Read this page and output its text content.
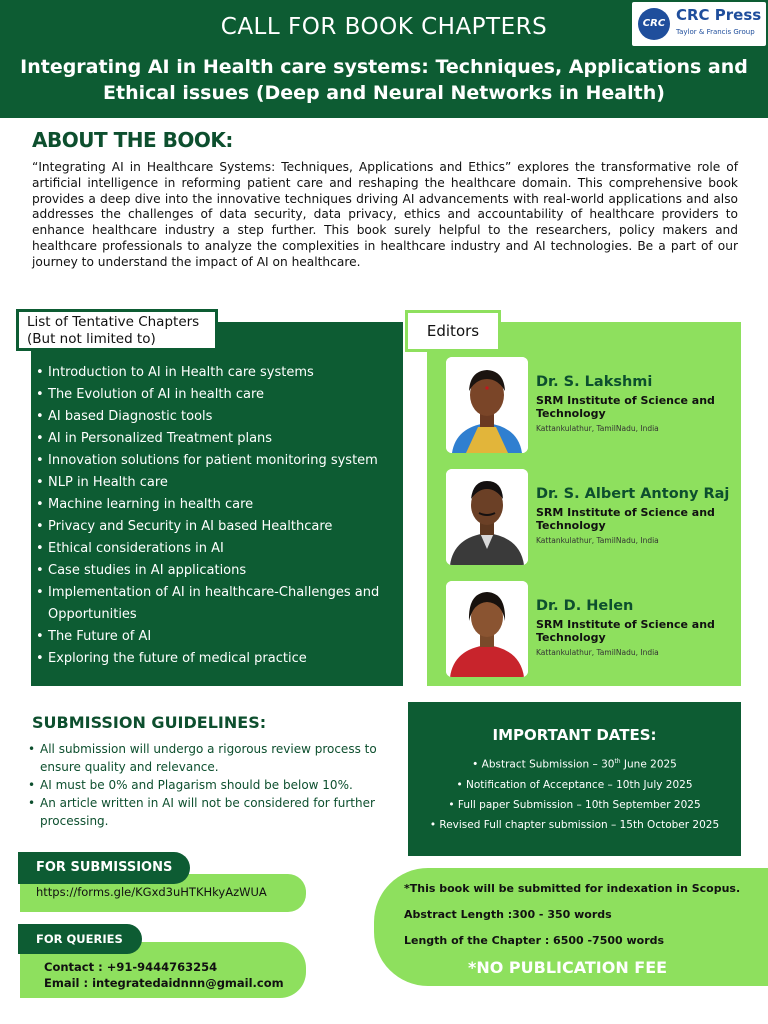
CALL FOR BOOK CHAPTERS
Integrating AI in Health care systems: Techniques, Applications and
Ethical issues (Deep and Neural Networks in Health)
CRC CRC Press
Taylor & Francis Group
ABOUT THE BOOK:

“Integrating AI in Healthcare Systems: Techniques, Applications and Ethics” explores the transformative role of artificial intelligence in reforming patient care and reshaping the healthcare domain. This comprehensive book provides a deep dive into the innovative techniques driving AI advancements with real-world applications and also addresses the challenges of data security, data privacy, ethics and accountability of healthcare providers to enhance healthcare industry a step further. This book surely helpful to the researchers, policy makers and healthcare professionals to analyze the complexities in healthcare industry and AI technologies. Be a part of our journey to understand the impact of AI on healthcare.

List of Tentative Chapters
(But not limited to)
• Introduction to AI in Health care systems
• The Evolution of AI in health care
• AI based Diagnostic tools
• AI in Personalized Treatment plans
• Innovation solutions for patient monitoring system
• NLP in Health care
• Machine learning in health care
• Privacy and Security in AI based Healthcare
• Ethical considerations in AI
• Case studies in AI applications
• Implementation of AI in healthcare-Challenges and Opportunities
• The Future of AI
• Exploring the future of medical practice
Editors
Dr. S. Lakshmi
SRM Institute of Science and Technology
Kattankulathur, TamilNadu, India
Dr. S. Albert Antony Raj
SRM Institute of Science and Technology
Kattankulathur, TamilNadu, India
Dr. D. Helen
SRM Institute of Science and Technology
Kattankulathur, TamilNadu, India
SUBMISSION GUIDELINES:
• All submission will undergo a rigorous review process to ensure quality and relevance.
• AI must be 0% and Plagarism should be below 10%.
• An article written in AI will not be considered for further processing.
IMPORTANT DATES:
• Abstract Submission – 30th June 2025
• Notification of Acceptance – 10th July 2025
• Full paper Submission – 10th September 2025
• Revised Full chapter submission – 15th October 2025
FOR SUBMISSIONS
https://forms.gle/KGxd3uHTKHkyAzWUA
FOR QUERIES
Contact : +91-9444763254
Email : integratedaidnnn@gmail.com
*This book will be submitted for indexation in Scopus.
Abstract Length :300 - 350 words
Length of the Chapter : 6500 -7500 words
*NO PUBLICATION FEE
